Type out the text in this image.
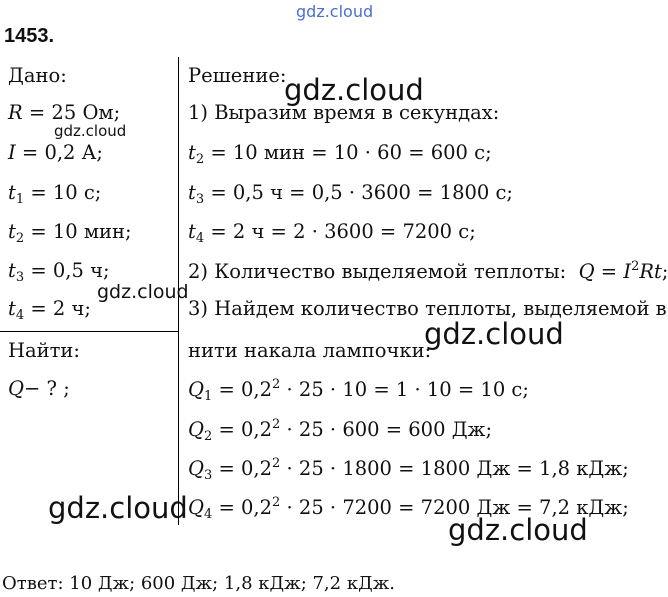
gdz.cloud
1453.
Дано:
R = 25 Ом;
I = 0,2 А;
$t_1 = 10$ с;
$t_2 = 10$ мин;
$t_3 = 0,5$ ч;
$t_4 = 2$ ч;
Найти:
Q− ? ;
Решение:
1) Выразим время в секундах:
$t_2 = 10$ мин = 10 · 60 = 600 с;
$t_3 = 0,5$ ч = 0,5 · 3600 = 1800 с;
$t_4 = 2$ ч = 2 · 3600 = 7200 с;
2) Количество выделяемой теплоты: $Q = I^2Rt$;
3) Найдем количество теплоты, выделяемой в
нити накала лампочки:
$Q_1 = 0,2^2 \cdot 25 \cdot 10 = 1 \cdot 10 = 10$ с;
$Q_2 = 0,2^2 \cdot 25 \cdot 600 = 600$ Дж;
$Q_3 = 0,2^2 \cdot 25 \cdot 1800 = 1800$ Дж = 1,8 кДж;
$Q_4 = 0,2^2 \cdot 25 \cdot 7200 = 7200$ Дж = 7,2 кДж;
Ответ: 10 Дж; 600 Дж; 1,8 кДж; 7,2 кДж.
gdz.cloud
gdz.cloud
gdz.cloud
gdz.cloud
gdz.cloud
gdz.cloud
